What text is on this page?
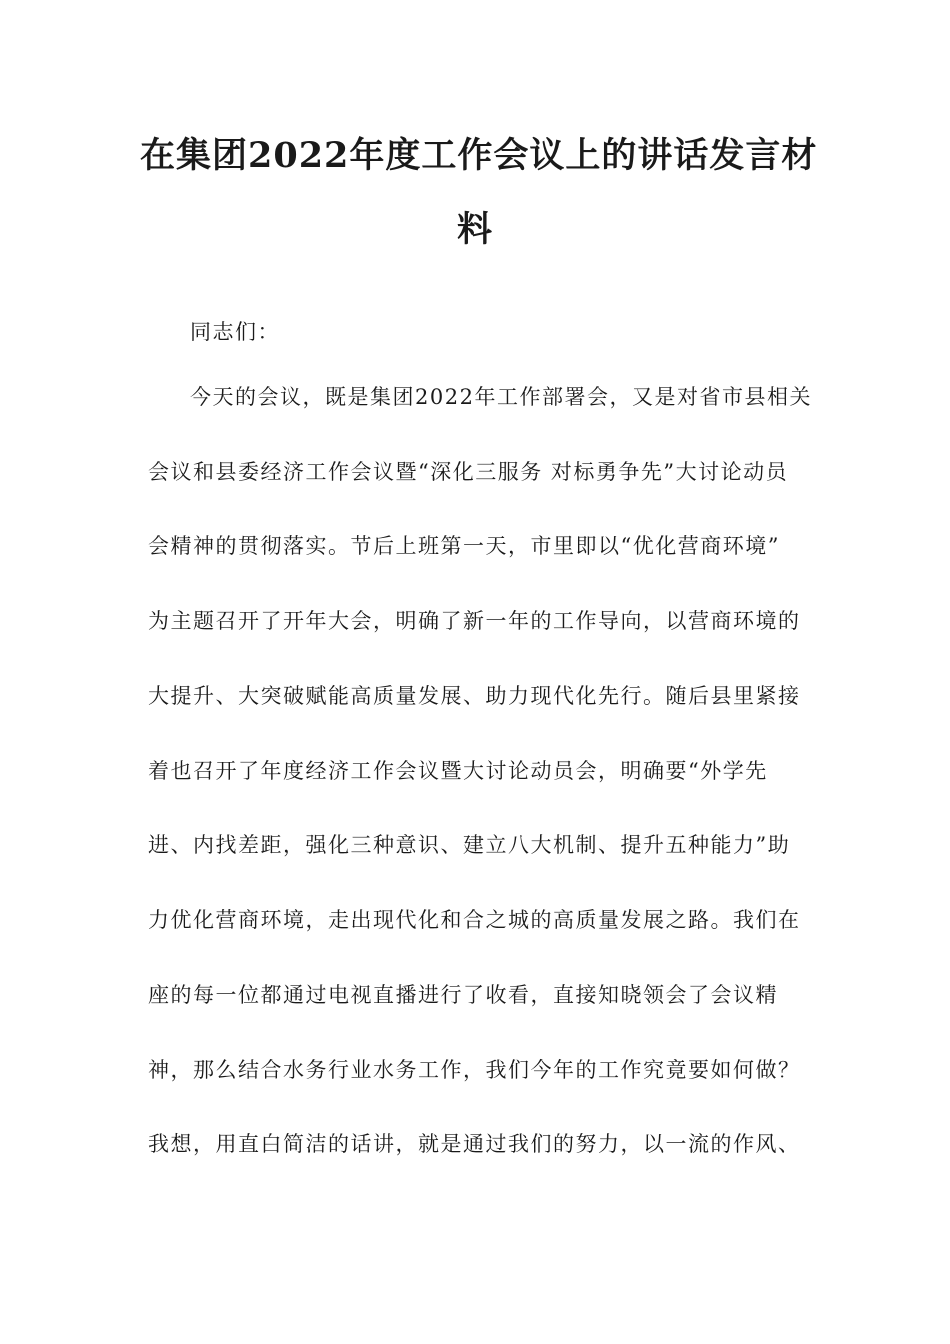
在集团2022年度工作会议上的讲话发言材
料
同志们：
今天的会议，既是集团2022年工作部署会，又是对省市县相关
会议和县委经济工作会议暨“深化三服务 对标勇争先”大讨论动员
会精神的贯彻落实。节后上班第一天，市里即以“优化营商环境”
为主题召开了开年大会，明确了新一年的工作导向，以营商环境的
大提升、大突破赋能高质量发展、助力现代化先行。随后县里紧接
着也召开了年度经济工作会议暨大讨论动员会，明确要“外学先
进、内找差距，强化三种意识、建立八大机制、提升五种能力”助
力优化营商环境，走出现代化和合之城的高质量发展之路。我们在
座的每一位都通过电视直播进行了收看，直接知晓领会了会议精
神，那么结合水务行业水务工作，我们今年的工作究竟要如何做？
我想，用直白简洁的话讲，就是通过我们的努力，以一流的作风、
